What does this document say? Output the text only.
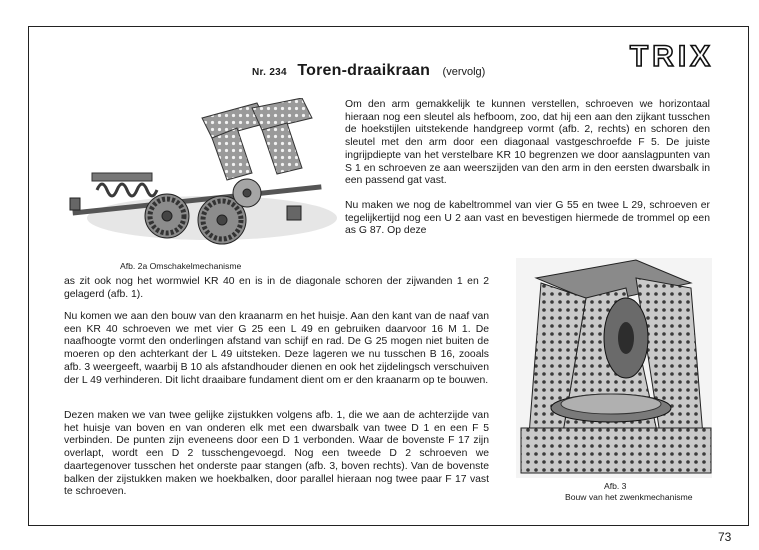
TRIX
Nr. 234 Toren-draaikraan (vervolg)
Afb. 2a Omschakelmechanisme
Afb. 3
Bouw van het zwenkmechanisme

Om den arm gemakkelijk te kunnen verstellen, schroeven we horizontaal hieraan nog een sleutel als hefboom, zoo, dat hij een aan den zijkant tusschen de hoekstijlen uitstekende handgreep vormt (afb. 2, rechts) en schoren den sleutel met den arm door een diagonaal vastgeschroefde F 5. De juiste ingrijpdiepte van het verstelbare KR 10 begrenzen we door aanslagpunten van S 1 en schroeven ze aan weerszijden van den arm in den eersten dwarsbalk in een passend gat vast.

Nu maken we nog de kabeltrommel van vier G 55 en twee L 29, schroeven er tegelijkertijd nog een U 2 aan vast en bevestigen hiermede de trommel op een as G 87. Op deze

as zit ook nog het wormwiel KR 40 en is in de diagonale schoren der zijwanden 1 en 2 gelagerd (afb. 1).

Nu komen we aan den bouw van den kraanarm en het huisje. Aan den kant van de naaf van een KR 40 schroeven we met vier G 25 een L 49 en gebruiken daarvoor 16 M 1. De naafhoogte vormt den onderlingen afstand van schijf en rad. De G 25 mogen niet buiten de moeren op den achterkant der L 49 uitsteken. Deze lageren we nu tusschen B 16, zooals afb. 3 weergeeft, waarbij B 10 als afstandhouder dienen en ook het zijdelingsch verschuiven der L 49 verhinderen. Dit licht draaibare fundament dient om er den kraanarm op te bouwen.

Dezen maken we van twee gelijke zijstukken volgens afb. 1, die we aan de achterzijde van het huisje van boven en van onderen elk met een dwarsbalk van twee D 1 en een F 5 verbinden. De punten zijn eveneens door een D 1 verbonden. Waar de bovenste F 17 zijn overlapt, wordt een D 2 tusschengevoegd. Nog een tweede D 2 schroeven we daartegenover tusschen het onderste paar stangen (afb. 3, boven rechts). Van de bovenste balken der zijstukken maken we hoekbalken, door parallel hieraan nog twee paar F 17 vast te schroeven.

73
